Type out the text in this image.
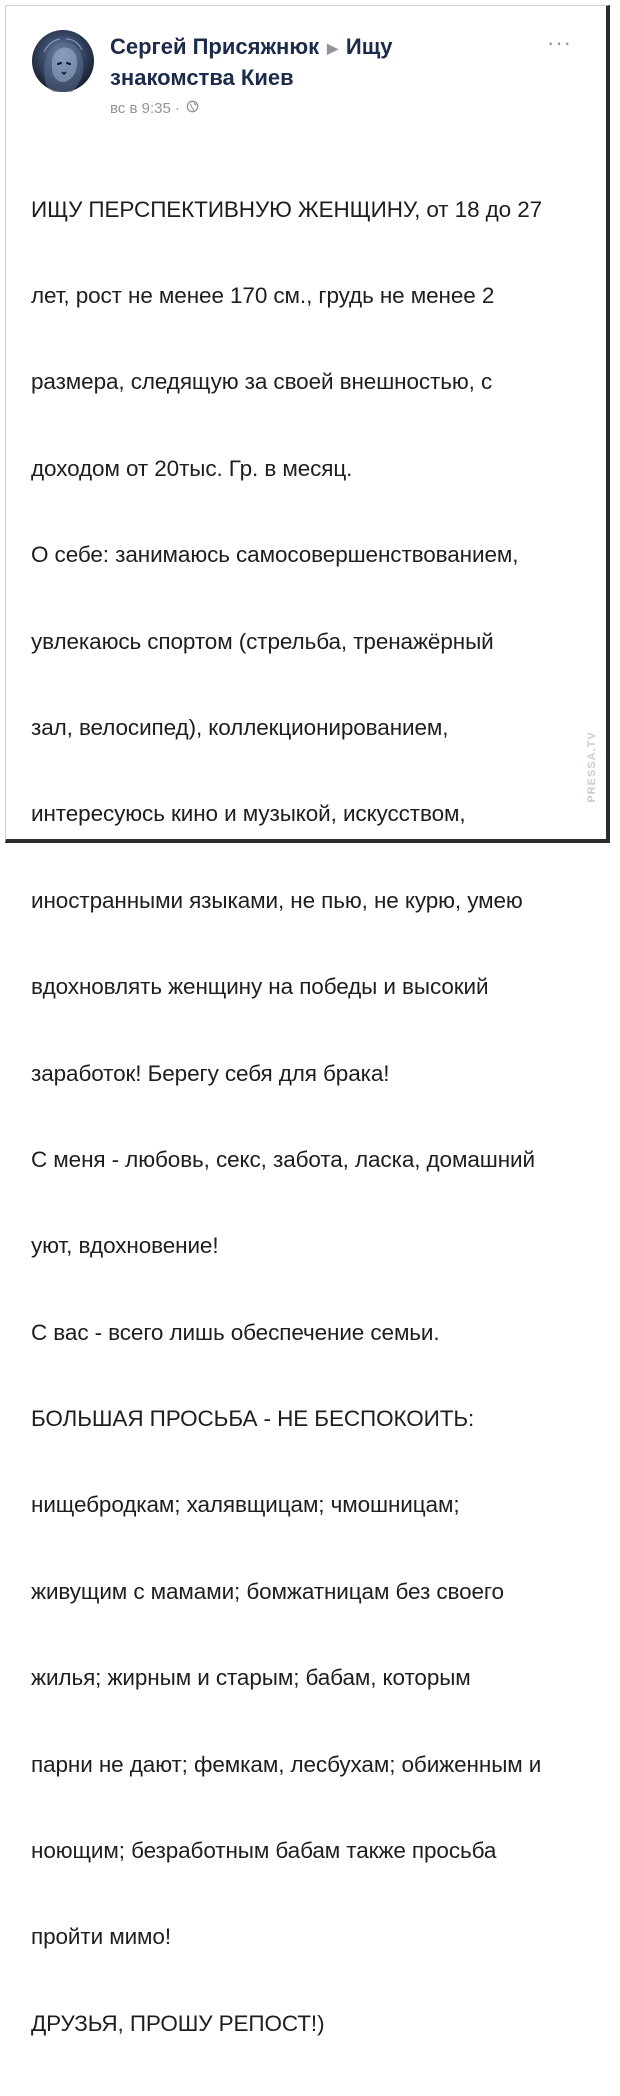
Сергей Присяжнюк ▶ Ищу
знакомства Киев
вс в 9:35 ·
···

ИЩУ ПЕРСПЕКТИВНУЮ ЖЕНЩИНУ, от 18 до 27

лет, рост не менее 170 см., грудь не менее 2

размера, следящую за своей внешностью, с

доходом от 20тыс. Гр. в месяц.

О себе: занимаюсь самосовершенствованием,

увлекаюсь спортом (стрельба, тренажёрный

зал, велосипед), коллекционированием,

интересуюсь кино и музыкой, искусством,

иностранными языками, не пью, не курю, умею

вдохновлять женщину на победы и высокий

заработок! Берегу себя для брака!

С меня - любовь, секс, забота, ласка, домашний

уют, вдохновение!

С вас - всего лишь обеспечение семьи.

БОЛЬШАЯ ПРОСЬБА - НЕ БЕСПОКОИТЬ:

нищебродкам; халявщицам; чмошницам;

живущим с мамами; бомжатницам без своего

жилья; жирным и старым; бабам, которым

парни не дают; фемкам, лесбухам; обиженным и

ноющим; безработным бабам также просьба

пройти мимо!

ДРУЗЬЯ, ПРОШУ РЕПОСТ!)

PRESSA.TV
